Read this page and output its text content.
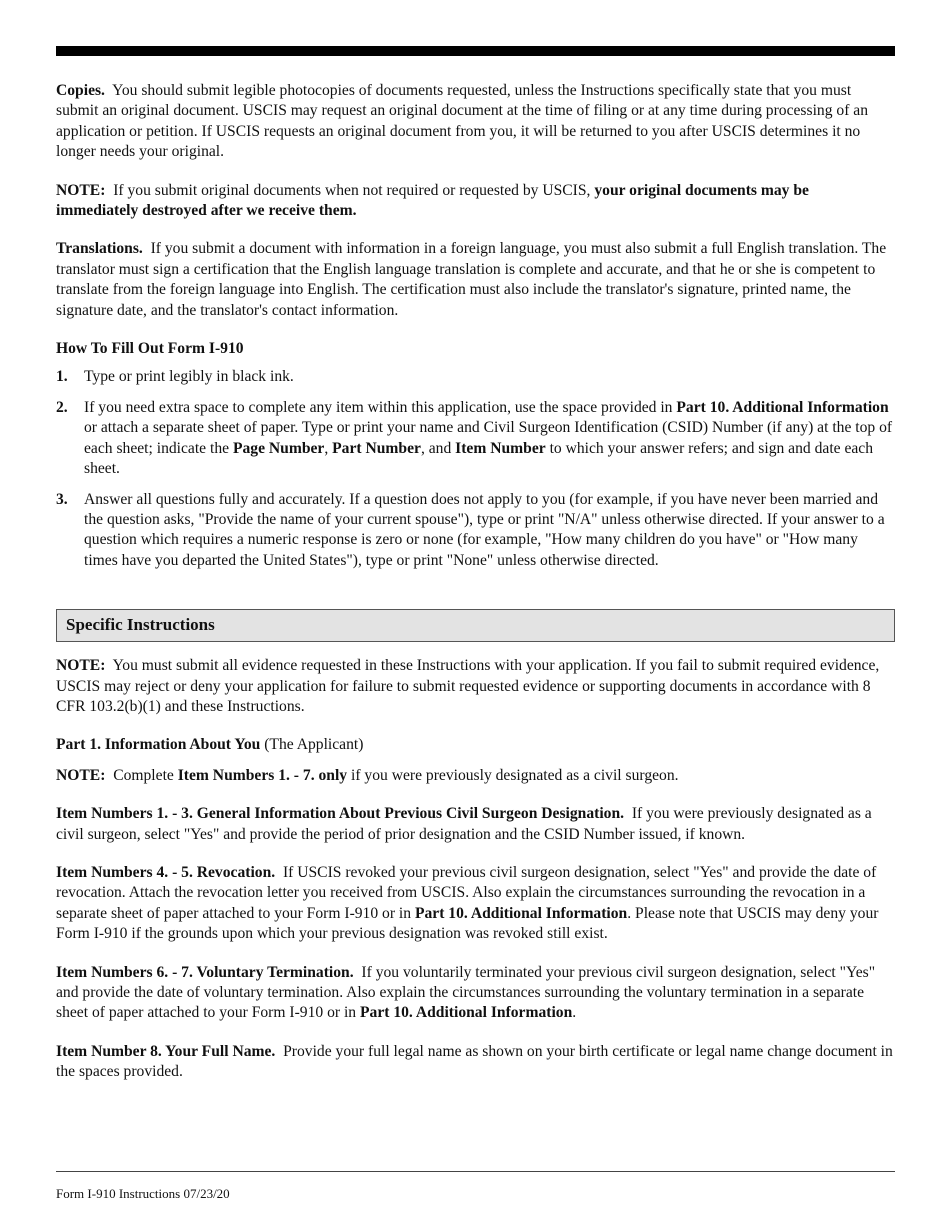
Copies. You should submit legible photocopies of documents requested, unless the Instructions specifically state that you must submit an original document. USCIS may request an original document at the time of filing or at any time during processing of an application or petition. If USCIS requests an original document from you, it will be returned to you after USCIS determines it no longer needs your original.

NOTE: If you submit original documents when not required or requested by USCIS, your original documents may be immediately destroyed after we receive them.

Translations. If you submit a document with information in a foreign language, you must also submit a full English translation. The translator must sign a certification that the English language translation is complete and accurate, and that he or she is competent to translate from the foreign language into English. The certification must also include the translator's signature, printed name, the signature date, and the translator's contact information.

How To Fill Out Form I-910
1. Type or print legibly in black ink.
2. If you need extra space to complete any item within this application, use the space provided in Part 10. Additional Information or attach a separate sheet of paper. Type or print your name and Civil Surgeon Identification (CSID) Number (if any) at the top of each sheet; indicate the Page Number, Part Number, and Item Number to which your answer refers; and sign and date each sheet.
3. Answer all questions fully and accurately. If a question does not apply to you (for example, if you have never been married and the question asks, "Provide the name of your current spouse"), type or print "N/A" unless otherwise directed. If your answer to a question which requires a numeric response is zero or none (for example, "How many children do you have" or "How many times have you departed the United States"), type or print "None" unless otherwise directed.
Specific Instructions

NOTE: You must submit all evidence requested in these Instructions with your application. If you fail to submit required evidence, USCIS may reject or deny your application for failure to submit requested evidence or supporting documents in accordance with 8 CFR 103.2(b)(1) and these Instructions.

Part 1. Information About You (The Applicant)

NOTE: Complete Item Numbers 1. - 7. only if you were previously designated as a civil surgeon.

Item Numbers 1. - 3. General Information About Previous Civil Surgeon Designation. If you were previously designated as a civil surgeon, select "Yes" and provide the period of prior designation and the CSID Number issued, if known.

Item Numbers 4. - 5. Revocation. If USCIS revoked your previous civil surgeon designation, select "Yes" and provide the date of revocation. Attach the revocation letter you received from USCIS. Also explain the circumstances surrounding the revocation in a separate sheet of paper attached to your Form I-910 or in Part 10. Additional Information. Please note that USCIS may deny your Form I-910 if the grounds upon which your previous designation was revoked still exist.

Item Numbers 6. - 7. Voluntary Termination. If you voluntarily terminated your previous civil surgeon designation, select "Yes" and provide the date of voluntary termination. Also explain the circumstances surrounding the voluntary termination in a separate sheet of paper attached to your Form I-910 or in Part 10. Additional Information.

Item Number 8. Your Full Name. Provide your full legal name as shown on your birth certificate or legal name change document in the spaces provided.

Form I-910 Instructions 07/23/20
